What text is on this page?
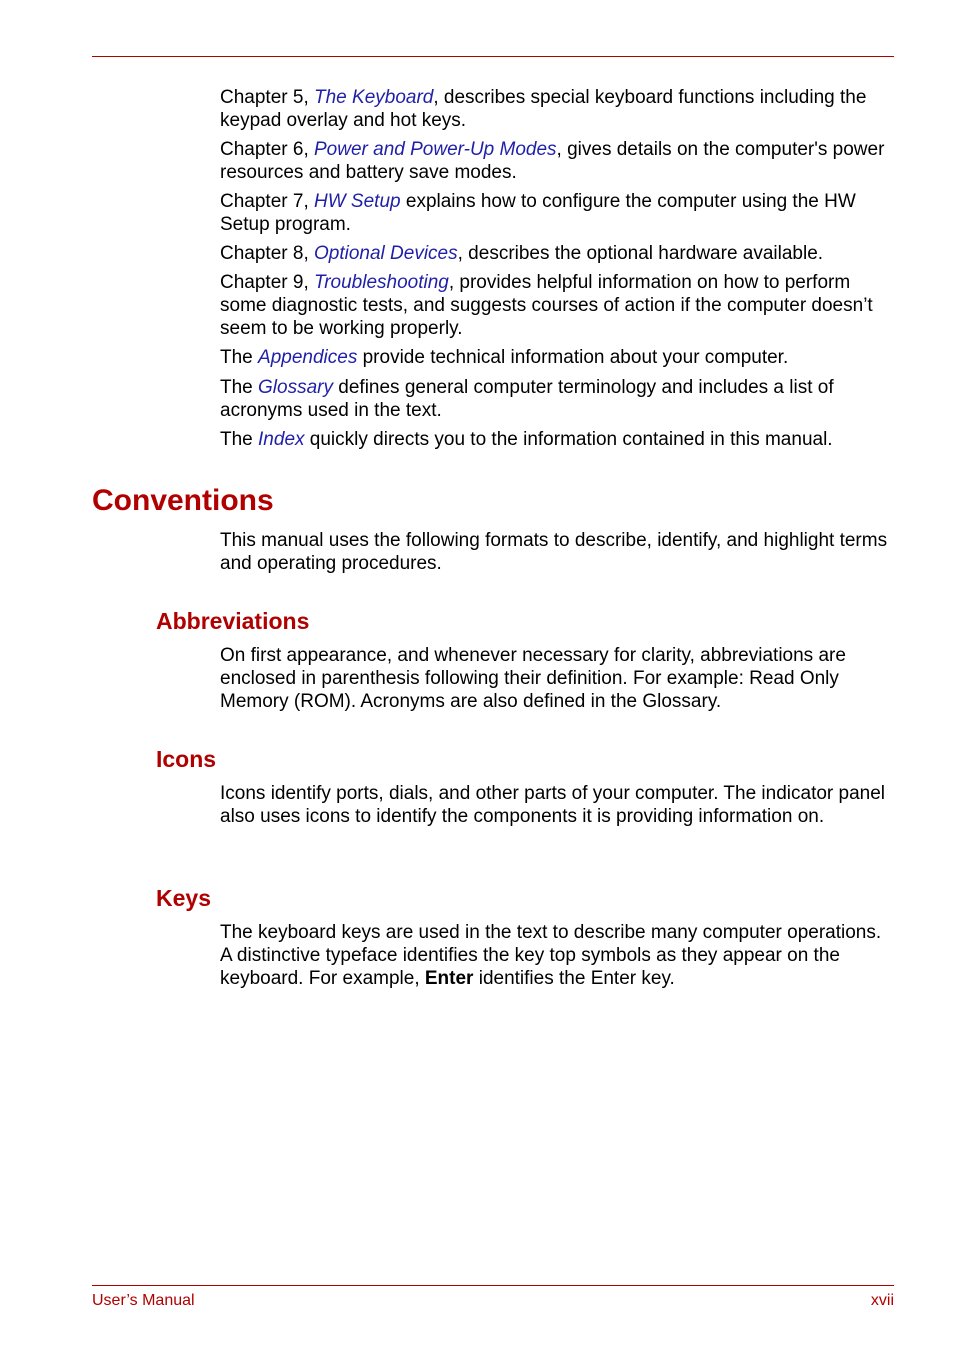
Chapter 5, The Keyboard, describes special keyboard functions including the keypad overlay and hot keys.

Chapter 6, Power and Power-Up Modes, gives details on the computer's power resources and battery save modes.

Chapter 7, HW Setup explains how to configure the computer using the HW Setup program.

Chapter 8, Optional Devices, describes the optional hardware available.

Chapter 9, Troubleshooting, provides helpful information on how to perform some diagnostic tests, and suggests courses of action if the computer doesn’t seem to be working properly.

The Appendices provide technical information about your computer.

The Glossary defines general computer terminology and includes a list of acronyms used in the text.

The Index quickly directs you to the information contained in this manual.

Conventions

This manual uses the following formats to describe, identify, and highlight terms and operating procedures.

Abbreviations

On first appearance, and whenever necessary for clarity, abbreviations are enclosed in parenthesis following their definition. For example: Read Only Memory (ROM). Acronyms are also defined in the Glossary.

Icons

Icons identify ports, dials, and other parts of your computer. The indicator panel also uses icons to identify the components it is providing information on.

Keys

The keyboard keys are used in the text to describe many computer operations. A distinctive typeface identifies the key top symbols as they appear on the keyboard. For example, Enter identifies the Enter key.

User’s Manual	xvii
